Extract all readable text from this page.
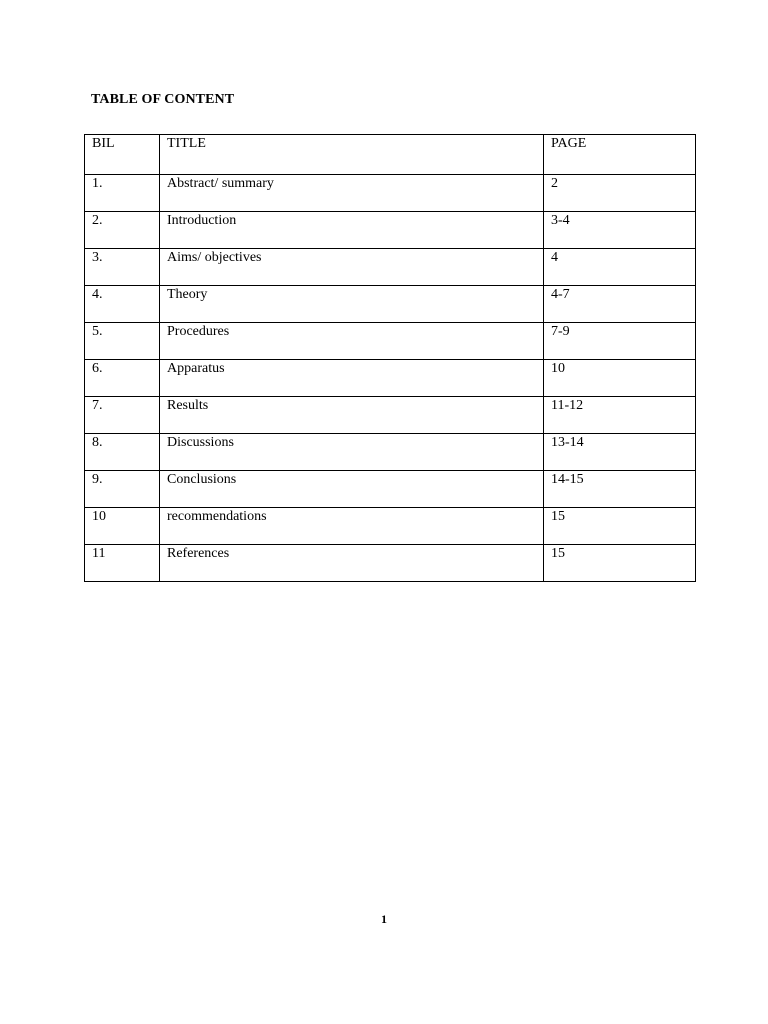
TABLE OF CONTENT
BIL	TITLE	PAGE

1.	Abstract/ summary	2

2.	Introduction	3-4

3.	Aims/ objectives	4

4.	Theory	4-7

5.	Procedures	7-9

6.	Apparatus	10

7.	Results	11-12

8.	Discussions	13-14

9.	Conclusions	14-15

10	recommendations	15

11	References	15
1
